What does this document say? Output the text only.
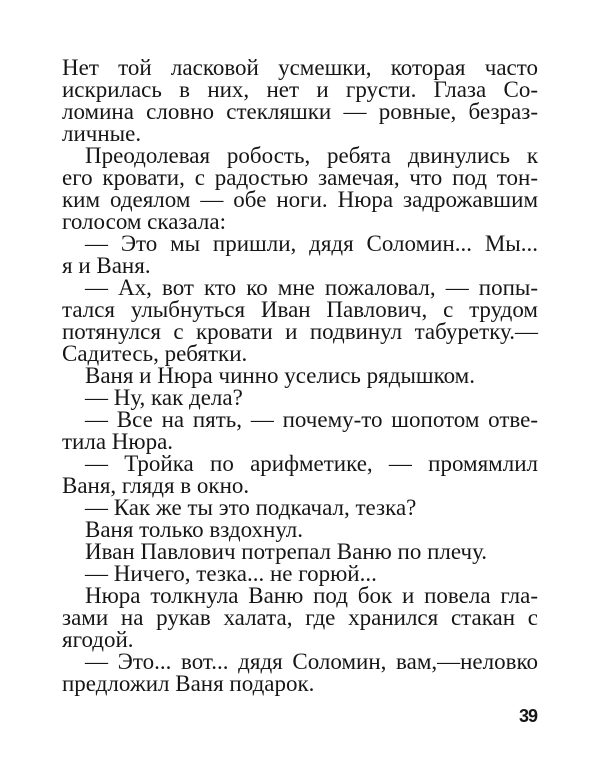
Нет той ласковой усмешки, которая часто
искрилась в них, нет и грусти. Глаза Со-
ломина словно стекляшки — ровные, безраз-
личные.
Преодолевая робость, ребята двинулись к
его кровати, с радостью замечая, что под тон-
ким одеялом — обе ноги. Нюра задрожавшим
голосом сказала:
— Это мы пришли, дядя Соломин... Мы...
я и Ваня.
— Ах, вот кто ко мне пожаловал, — попы-
тался улыбнуться Иван Павлович, с трудом
потянулся с кровати и подвинул табуретку.—
Садитесь, ребятки.
Ваня и Нюра чинно уселись рядышком.
— Ну, как дела?
— Все на пять, — почему-то шопотом отве-
тила Нюра.
— Тройка по арифметике, — промямлил
Ваня, глядя в окно.
— Как же ты это подкачал, тезка?
Ваня только вздохнул.
Иван Павлович потрепал Ваню по плечу.
— Ничего, тезка... не горюй...
Нюра толкнула Ваню под бок и повела гла-
зами на рукав халата, где хранился стакан с
ягодой.
— Это... вот... дядя Соломин, вам,—неловко
предложил Ваня подарок.
39
